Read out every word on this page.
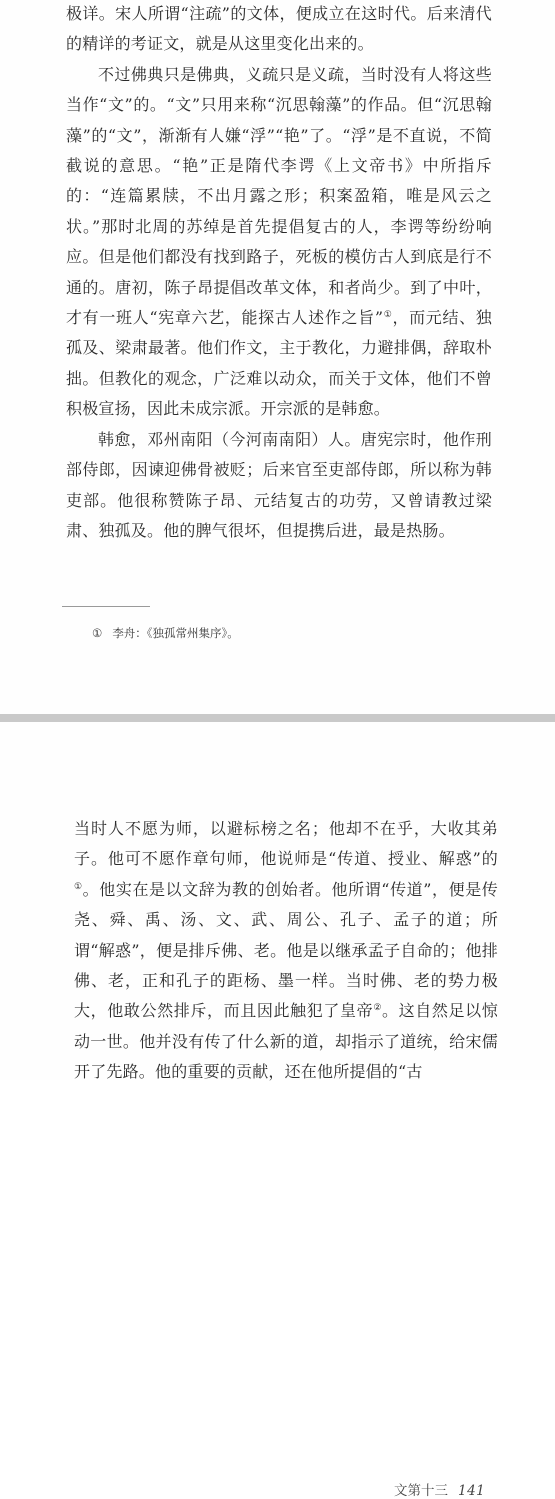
极详。宋人所谓“注疏”的文体，便成立在这时代。后来清代的精详的考证文，就是从这里变化出来的。

不过佛典只是佛典，义疏只是义疏，当时没有人将这些当作“文”的。“文”只用来称“沉思翰藻”的作品。但“沉思翰藻”的“文”，渐渐有人嫌“浮”“艳”了。“浮”是不直说，不简截说的意思。“艳”正是隋代李谔《上文帝书》中所指斥的：“连篇累牍，不出月露之形；积案盈箱，唯是风云之状。”那时北周的苏绰是首先提倡复古的人，李谔等纷纷响应。但是他们都没有找到路子，死板的模仿古人到底是行不通的。唐初，陈子昂提倡改革文体，和者尚少。到了中叶，才有一班人“宪章六艺，能探古人述作之旨”①，而元结、独孤及、梁肃最著。他们作文，主于教化，力避排偶，辞取朴拙。但教化的观念，广泛难以动众，而关于文体，他们不曾积极宣扬，因此未成宗派。开宗派的是韩愈。

韩愈，邓州南阳（今河南南阳）人。唐宪宗时，他作刑部侍郎，因谏迎佛骨被贬；后来官至吏部侍郎，所以称为韩吏部。他很称赞陈子昂、元结复古的功劳，又曾请教过梁肃、独孤及。他的脾气很坏，但提携后进，最是热肠。

① 李舟：《独孤常州集序》。
文第十三 141

当时人不愿为师，以避标榜之名；他却不在乎，大收其弟子。他可不愿作章句师，他说师是“传道、授业、解惑”的①。他实在是以文辞为教的创始者。他所谓“传道”，便是传尧、舜、禹、汤、文、武、周公、孔子、孟子的道；所谓“解惑”，便是排斥佛、老。他是以继承孟子自命的；他排佛、老，正和孔子的距杨、墨一样。当时佛、老的势力极大，他敢公然排斥，而且因此触犯了皇帝②。这自然足以惊动一世。他并没有传了什么新的道，却指示了道统，给宋儒开了先路。他的重要的贡献，还在他所提倡的“古
